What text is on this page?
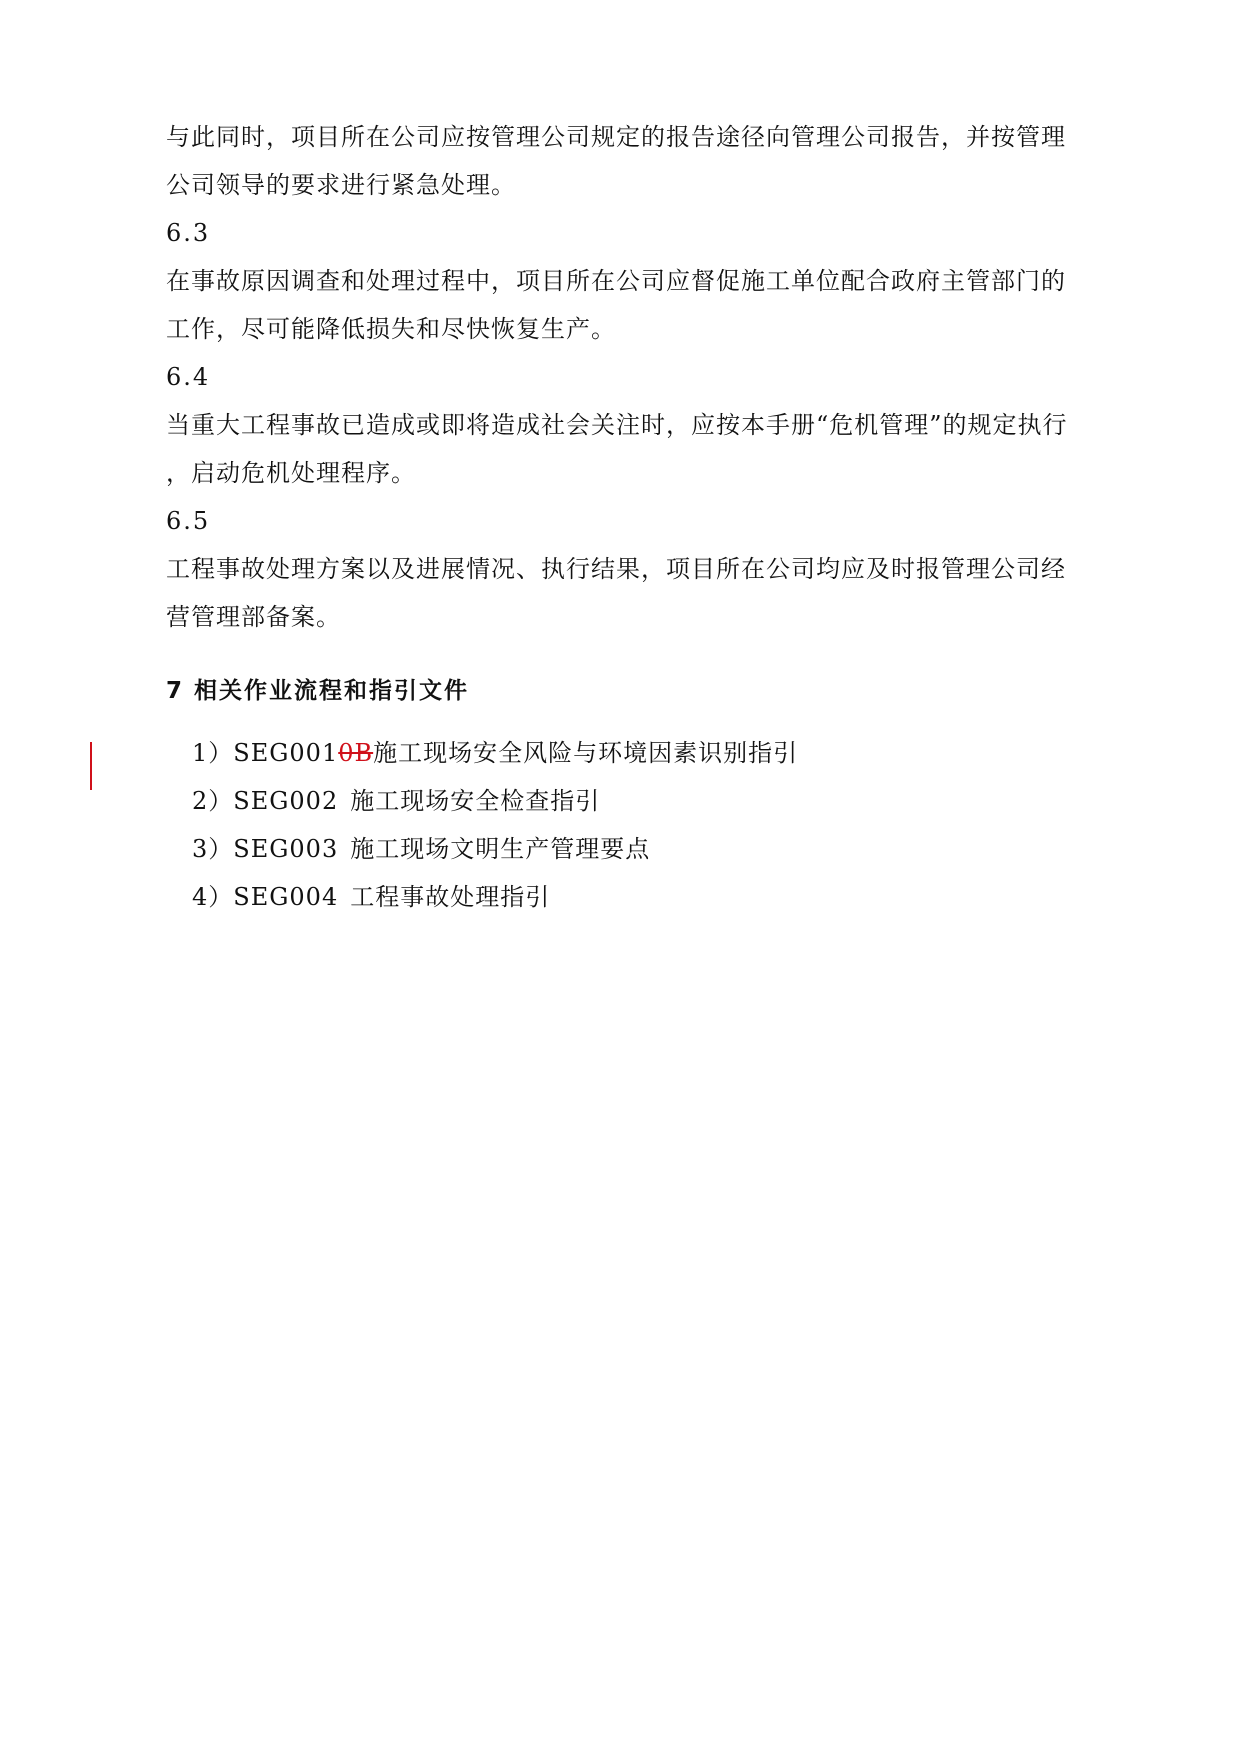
与此同时，项目所在公司应按管理公司规定的报告途径向管理公司报告，并按管理

公司领导的要求进行紧急处理。

6.3

在事故原因调查和处理过程中，项目所在公司应督促施工单位配合政府主管部门的

工作，尽可能降低损失和尽快恢复生产。

6.4

当重大工程事故已造成或即将造成社会关注时，应按本手册“危机管理”的规定执行

，启动危机处理程序。

6.5

工程事故处理方案以及进展情况、执行结果，项目所在公司均应及时报管理公司经

营管理部备案。

7 相关作业流程和指引文件
1）SEG0010B施工现场安全风险与环境因素识别指引
2）SEG002 施工现场安全检查指引
3）SEG003 施工现场文明生产管理要点
4）SEG004 工程事故处理指引
